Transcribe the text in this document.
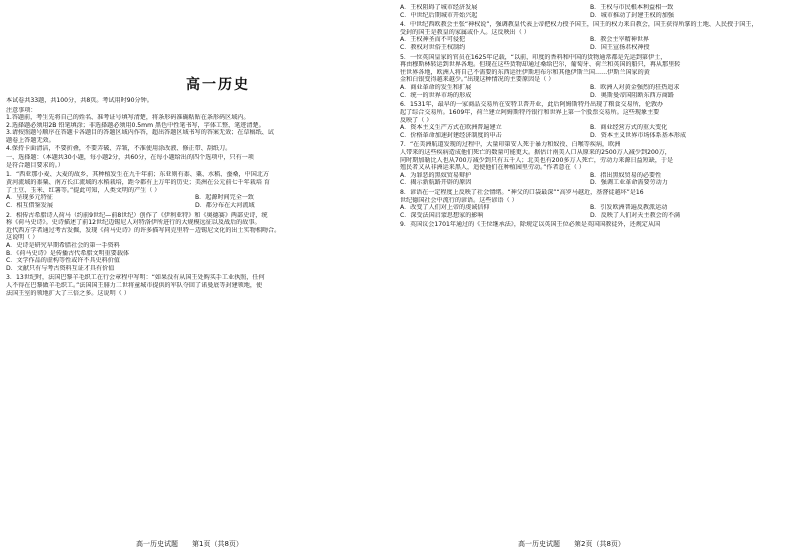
高一历史
本试卷共33题，共100分，共8页。考试用时90分钟。
注意事项：
1.答题前，考生先将自己的姓名、准考证号填写清楚，将条形码准确粘贴在条形码区域内。
2.选择题必须用2B 铅笔填涂；非选择题必须用0.5mm 黑色中性笔书写，字体工整，笔迹清楚。
3.请按照题号顺序在答题卡各题目的答题区域内作答，超出答题区域书写的答案无效；在草稿纸、试
题卷上答题无效。
4.保持卡面清洁，不要折叠，不要弄破、弄皱，不准使用涂改液、修正带、刮纸刀。
一、选择题：（本题共30小题，每小题2分，共60分，在每小题给出的四个选项中，只有一项
是符合题目要求的。）
1．“西亚那小麦、大麦的故乡，其种植发生在九千年前；东亚则有黍、粟、水稻、蚕桑，中国北方
黄河流域的黍粟、南方长江流域的水稻栽培，距今都有上万年的历史；美洲在公元前七千年栽培 育
了土豆、玉米、红薯等。”提此可知，人类文明的产生（ ）
A．呈现多元特征	B．起源时间完全一致
C．相互借鉴发展	D．都分布在大河流域
2．相传古希腊诗人荷马（约前9世纪—前8世纪）创作了《伊利亚特》和《奥德赛》两部史诗，统
称《荷马史诗》。史诗描述了前12世纪迈锡尼人对特洛伊所进行的大规模远征以及战后的故事。
近代西方学者通过考古发掘，发现《荷马史诗》的许多描写同克里特－迈锡尼文化的出土实物相吻合。
这说明（ ）
A．史诗是研究早期希腊社会的第一手资料
B．《荷马史诗》是传播古代希腊文明重要载体
C．文学作品的虚构等性或许不具史料价值
D．文献只有与考古资料互证才具有价值
3．13世纪时，法国巴黎羊毛织工在行会章程中写明：“如果没有从国王处购买手工业执照，任何
人不得在巴黎做羊毛织工。”法国国王腓力二世将童城市提供的军队夺回了诺曼底等封建领地，使
法国王室的领地扩大了三倍之多。这说明（ ）
高一历史试题　　第1页（共8页）
A．王权阻碍了城市经济发展	B．王权与市民根本利益相一致
C．中世纪后期城市开始兴起	D．城市推动了封建王权的加强
4．中世纪西欧教会主张“神权说”，强调教皇代表上帝把权力授予国王，国王的权力来自教会，国王获得所掌的土地、人民授于国王，
受封的国王是教皇的家属或仆人。这反映出（ ）
A．王权神圣而不可侵犯	B．教会主宰精神世界
C．教权对世俗王权制约	D．国王宣扬君权神授
5．一位英国皇家的官员在1625年记载，“以前，印度的香料和中国的货物通常都是先运到第伊士，
再由穆斯林转运到世界各地。但现在这些货物却通过桑给巴尔，葡萄牙、荷兰和英国的船只，再从那里转
往世界各地，欧洲人将自己不需要的东西运往伊斯坦布尔和其他伊斯兰国……伊斯兰国家的黄
金和白银变得越来越少。”出现这种情况的主要原因是（ ）
A．商业革命的发生和扩展	B．欧洲人对黄金强烈的狂热追求
C．统一的世界市场的形成	D．奥斯曼帝国阻断东西方商路
6．1531年，最早的一家商品交易所在安特卫普开业，此后阿姆斯特丹出现了粮食交易所，伦敦办
起了综合交易所。1609年，荷兰建立阿姆斯特丹银行和世界上第一个股票交易所。这些现象主要
反映了（ ）
A．资本主义生产方式在欧洲普遍建立	B．商业经营方式的重大变化
C．价格革命加速封建经济制度的申击	D．资本主义世界市场体系基本形成
7．“在美洲航道发现的过程中，大量印第安人死于暴力和奴役、白喉等疾病，欧洲
人带来的这些疾病造成他们死亡的数量可能更大。据估计南美人口从原来的2500万人减少到200万，
同时期加勒比人也从700万减少到只有五千人；北美也有200多万人死亡，劳动力来源日益短缺，于是
殖民者又从非洲运来黑人，追使他们在种植园里劳动。”作者意在（ ）
A．为罪恶的黑奴贸易辩护	B．指出黑奴贸易的必要性
C．揭示新航路开辟的原因	D．强调工业革命需要劳动力
8．谚语在一定程度上反映了社会情绪。“神父的口袋最深”“高罗马越近，基督徒越坏”是16
世纪德国社会中流行的谚语。这些谚语（ ）
A．改变了人们对上帝的虔诚信仰	B．引发欧洲普遍反教派运动
C．深受法国启蒙思想家的影响	D．反映了人们对天主教会的不满
9．英国议会1701年通过的《王位继承法》，除规定以英国王位必须是英国国教徒外，还规定从国
高一历史试题　　第2页（共8页）
